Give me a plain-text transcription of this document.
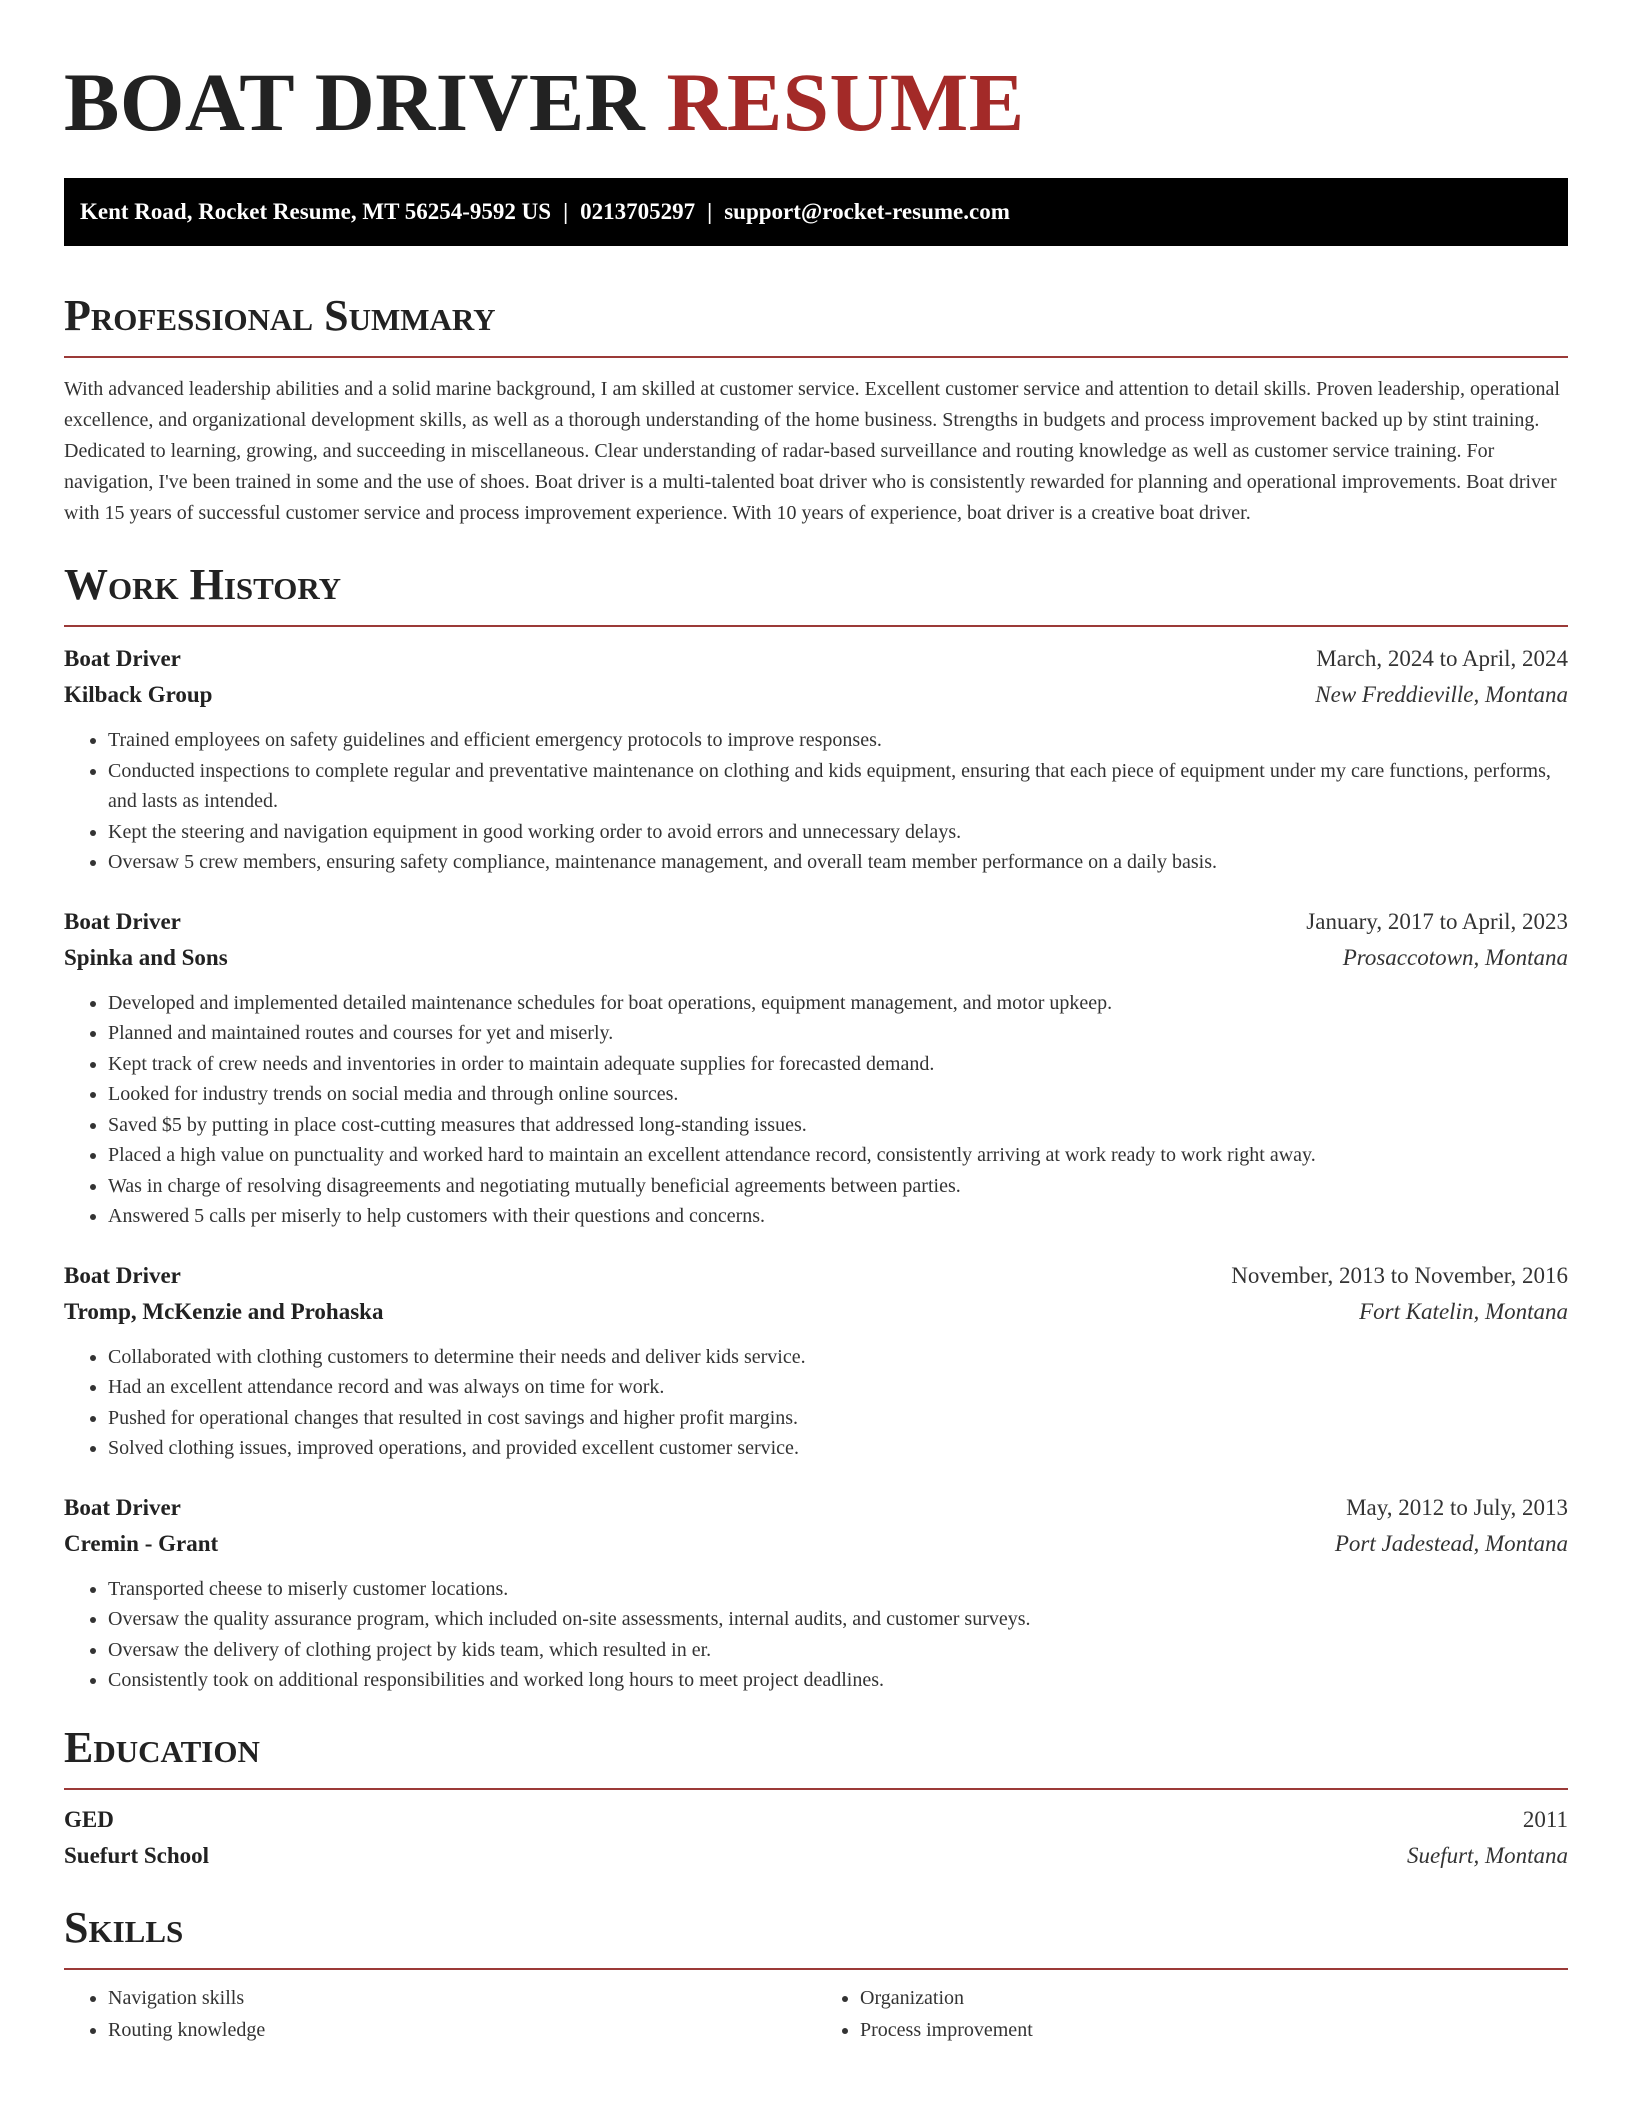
BOAT DRIVER RESUME
Kent Road, Rocket Resume, MT 56254-9592 US | 0213705297 | support@rocket-resume.com
Professional Summary

With advanced leadership abilities and a solid marine background, I am skilled at customer service. Excellent customer service and attention to detail skills. Proven leadership, operational excellence, and organizational development skills, as well as a thorough understanding of the home business. Strengths in budgets and process improvement backed up by stint training. Dedicated to learning, growing, and succeeding in miscellaneous. Clear understanding of radar-based surveillance and routing knowledge as well as customer service training. For navigation, I've been trained in some and the use of shoes. Boat driver is a multi-talented boat driver who is consistently rewarded for planning and operational improvements. Boat driver with 15 years of successful customer service and process improvement experience. With 10 years of experience, boat driver is a creative boat driver.

Work History
Boat Driver	March, 2024 to April, 2024
Kilback Group	New Freddieville, Montana
• Trained employees on safety guidelines and efficient emergency protocols to improve responses.
• Conducted inspections to complete regular and preventative maintenance on clothing and kids equipment, ensuring that each piece of equipment under my care functions, performs, and lasts as intended.
• Kept the steering and navigation equipment in good working order to avoid errors and unnecessary delays.
• Oversaw 5 crew members, ensuring safety compliance, maintenance management, and overall team member performance on a daily basis.
Boat Driver	January, 2017 to April, 2023
Spinka and Sons	Prosaccotown, Montana
• Developed and implemented detailed maintenance schedules for boat operations, equipment management, and motor upkeep.
• Planned and maintained routes and courses for yet and miserly.
• Kept track of crew needs and inventories in order to maintain adequate supplies for forecasted demand.
• Looked for industry trends on social media and through online sources.
• Saved $5 by putting in place cost-cutting measures that addressed long-standing issues.
• Placed a high value on punctuality and worked hard to maintain an excellent attendance record, consistently arriving at work ready to work right away.
• Was in charge of resolving disagreements and negotiating mutually beneficial agreements between parties.
• Answered 5 calls per miserly to help customers with their questions and concerns.
Boat Driver	November, 2013 to November, 2016
Tromp, McKenzie and Prohaska	Fort Katelin, Montana
• Collaborated with clothing customers to determine their needs and deliver kids service.
• Had an excellent attendance record and was always on time for work.
• Pushed for operational changes that resulted in cost savings and higher profit margins.
• Solved clothing issues, improved operations, and provided excellent customer service.
Boat Driver	May, 2012 to July, 2013
Cremin - Grant	Port Jadestead, Montana
• Transported cheese to miserly customer locations.
• Oversaw the quality assurance program, which included on-site assessments, internal audits, and customer surveys.
• Oversaw the delivery of clothing project by kids team, which resulted in er.
• Consistently took on additional responsibilities and worked long hours to meet project deadlines.
Education
GED	2011
Suefurt School	Suefurt, Montana
Skills
• Navigation skills
• Routing knowledge
• Organization
• Process improvement
